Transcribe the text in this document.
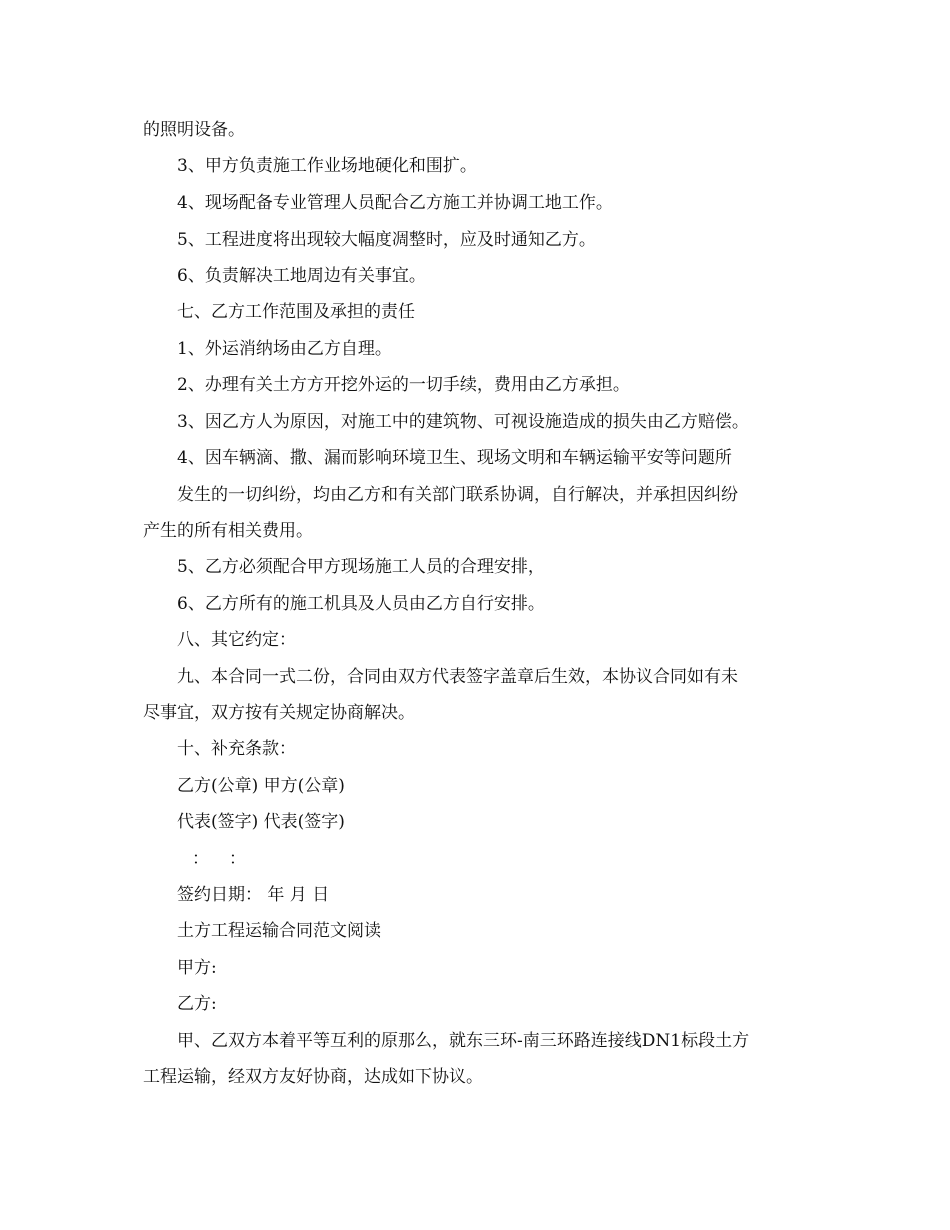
的照明设备。
3、甲方负责施工作业场地硬化和围扩。
4、现场配备专业管理人员配合乙方施工并协调工地工作。
5、工程进度将出现较大幅度凋整时，应及时通知乙方。
6、负责解决工地周边有关事宜。
七、乙方工作范围及承担的责任
1、外运消纳场由乙方自理。
2、办理有关土方方开挖外运的一切手续，费用由乙方承担。
3、因乙方人为原因，对施工中的建筑物、可视设施造成的损失由乙方赔偿。
4、因车辆滴、撒、漏而影响环境卫生、现场文明和车辆运输平安等问题所
发生的一切纠纷，均由乙方和有关部门联系协调，自行解决，并承担因纠纷
产生的所有相关费用。
5、乙方必须配合甲方现场施工人员的合理安排，
6、乙方所有的施工机具及人员由乙方自行安排。
八、其它约定：
九、本合同一式二份，合同由双方代表签字盖章后生效，本协议合同如有未
尽事宜，双方按有关规定协商解决。
十、补充条款：
乙方(公章) 甲方(公章)
代表(签字) 代表(签字)
： ：
签约日期： 年 月 日
土方工程运输合同范文阅读
甲方:
乙方:
甲、乙双方本着平等互利的原那么，就东三环-南三环路连接线DN1标段土方
工程运输，经双方友好协商，达成如下协议。
